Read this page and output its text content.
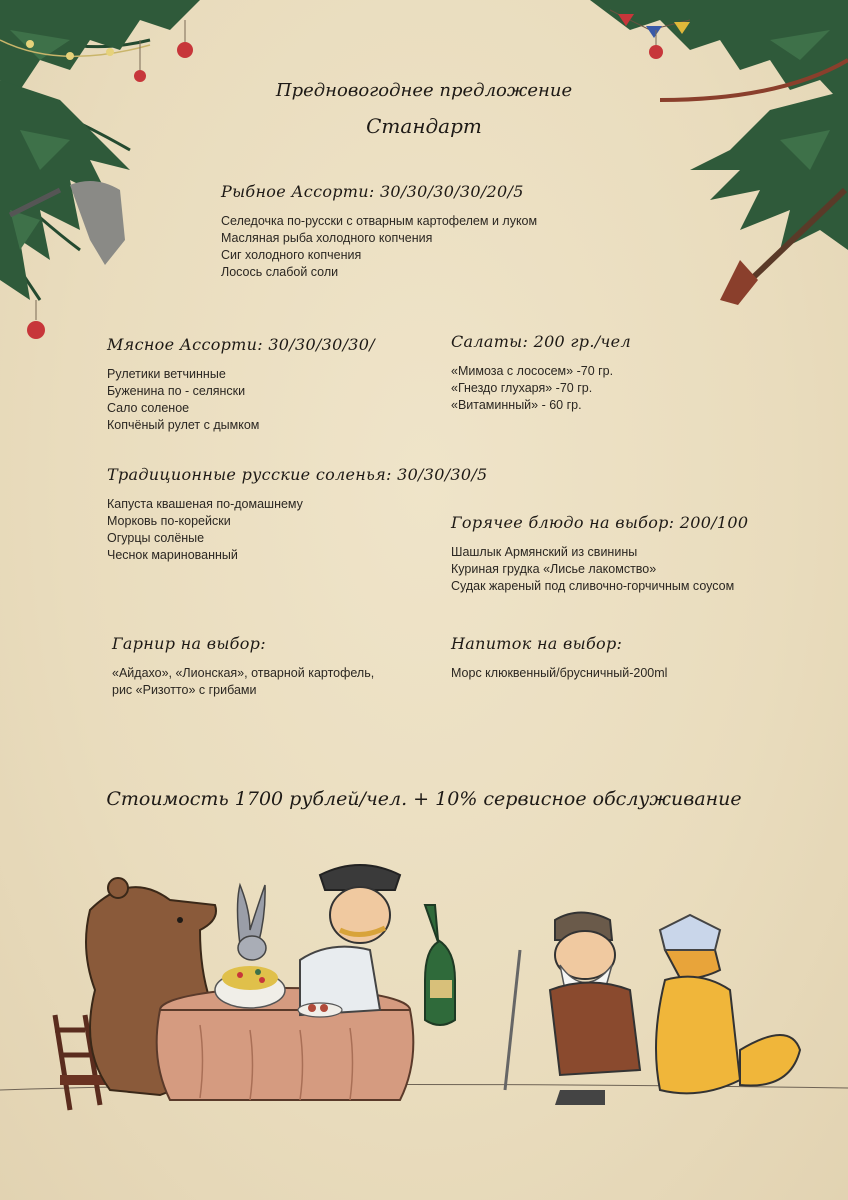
Предновогоднее предложение
Стандарт
Рыбное Ассорти: 30/30/30/30/20/5
Селедочка по-русски с отварным картофелем и луком
Масляная рыба холодного копчения
Сиг холодного копчения
Лосось слабой соли
Мясное Ассорти: 30/30/30/30/
Рулетики ветчинные
Буженина по - селянски
Сало соленое
Копчёный рулет с дымком
Салаты: 200 гр./чел
«Мимоза с лососем» -70 гр.
«Гнездо глухаря» -70 гр.
«Витаминный» - 60 гр.
Традиционные русские соленья: 30/30/30/5
Капуста квашеная по-домашнему
Морковь по-корейски
Огурцы солёные
Чеснок маринованный
Горячее блюдо на выбор: 200/100
Шашлык Армянский из свинины
Куриная грудка «Лисье лакомство»
Судак жареный под сливочно-горчичным соусом
Гарнир на выбор:
«Айдахо», «Лионская», отварной картофель,
рис «Ризотто» с грибами
Напиток на выбор:
Морс клюквенный/брусничный-200ml
Стоимость 1700 рублей/чел. + 10% сервисное обслуживание
